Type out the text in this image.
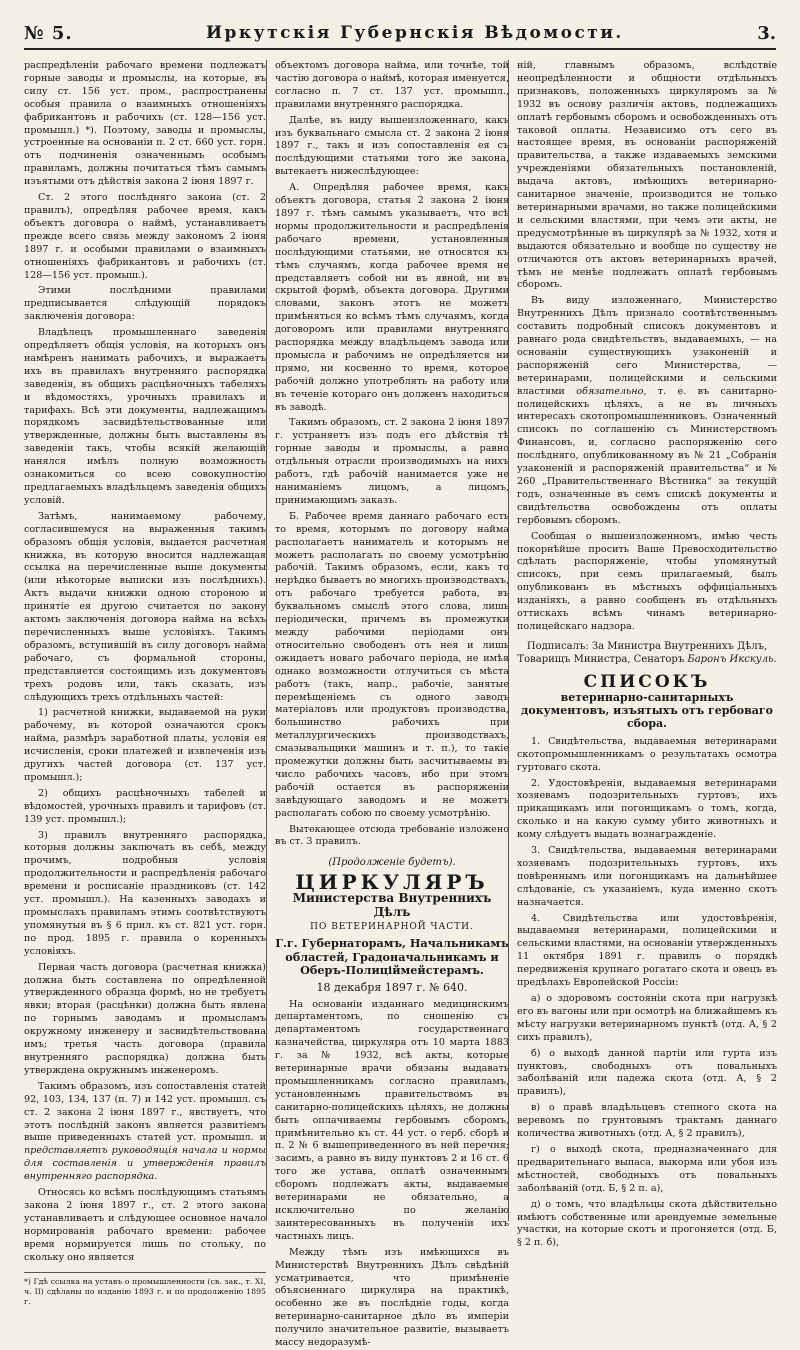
№ 5.	Иркутскія Губернскія Вѣдомости.	3.

распредѣленіи рабочаго времени подлежатъ горные заводы и промыслы, на которые, въ силу ст. 156 уст. пром., распространены особыя правила о взаимныхъ отношеніяхъ фабрикантовъ и рабочихъ (ст. 128—156 уст. промышл.) *). Поэтому, заводы и промыслы, устроенные на основаніи п. 2 ст. 660 уст. горн. отъ подчиненія означеннымъ особымъ правиламъ, должны почитаться тѣмъ самымъ изъятыми отъ дѣйствія закона 2 іюня 1897 г.

Ст. 2 этого послѣдняго закона (ст. 2 правилъ), опредѣляя рабочее время, какъ объектъ договора о наймѣ, устанавливаетъ прежде всего связь между закономъ 2 іюня 1897 г. и особыми правилами о взаимныхъ отношеніяхъ фабрикантовъ и рабочихъ (ст. 128—156 уст. промыш.).

Этими послѣдними правилами предписывается слѣдующій порядокъ заключенія договора:

Владѣлецъ промышленнаго заведенія опредѣляетъ общія условія, на которыхъ онъ намѣренъ нанимать рабочихъ, и выражаетъ ихъ въ правилахъ внутренняго распорядка заведенія, въ общихъ расцѣночныхъ табеляхъ и вѣдомостяхъ, урочныхъ правилахъ и тарифахъ. Всѣ эти документы, надлежащимъ порядкомъ засвидѣтельствованные или утвержденные, должны быть выставлены въ заведеніи такъ, чтобы всякій желающій нанялся имѣлъ полную возможность ознакомиться со всею совокупностію предлагаемыхъ владѣльцемъ заведенія общихъ условій.

Затѣмъ, нанимаемому рабочему, согласившемуся на выраженныя такимъ образомъ общія условія, выдается расчетная книжка, въ которую вносится надлежащая ссылка на перечисленные выше документы (или нѣкоторые выписки изъ послѣднихъ). Актъ выдачи книжки одною стороною и принятіе ея другою считается по закону актомъ заключенія договора найма на всѣхъ перечисленныхъ выше условіяхъ. Такимъ образомъ, вступившій въ силу договоръ найма рабочаго, съ формальной стороны, представляется состоящимъ изъ документовъ трехъ родовъ или, такъ сказать, изъ слѣдующихъ трехъ отдѣльныхъ частей:

1) расчетной книжки, выдаваемой на руки рабочему, въ которой означаются срокъ найма, размѣръ заработной платы, условія ея исчисленія, сроки платежей и извлеченія изъ другихъ частей договора (ст. 137 уст. промышл.);

2) общихъ расцѣночныхъ табелей и вѣдомостей, урочныхъ правилъ и тарифовъ (ст. 139 уст. промышл.);

3) правилъ внутренняго распорядка, которыя должны заключать въ себѣ, между прочимъ, подробныя условія продолжительности и распредѣленія рабочаго времени и росписаніе праздниковъ (ст. 142 уст. промышл.). На казенныхъ заводахъ и промыслахъ правиламъ этимъ соотвѣтствуютъ упомянутыя въ § 6 прил. къ ст. 821 уст. горн. по прод. 1895 г. правила о коренныхъ условіяхъ.

Первая часть договора (расчетная книжка) должна быть составлена по опредѣленной утвержденного образца формѣ, но не требуетъ явки; вторая (расцѣнки) должна быть явлена по горнымъ заводамъ и промысламъ окружному инженеру и засвидѣтельствована имъ; третья часть договора (правила внутренняго распорядка) должна быть утверждена окружнымъ инженеромъ.

Такимъ образомъ, изъ сопоставленія статей 92, 103, 134, 137 (п. 7) и 142 уст. промышл. съ ст. 2 закона 2 іюня 1897 г., явствуетъ, что этотъ послѣдній законъ является развитіемъ выше приведенныхъ статей уст. промышл. и представляетъ руководящія начала и нормы для составленія и утвержденія правилъ внутренняго распорядка.

Относясь ко всѣмъ послѣдующимъ статьямъ закона 2 іюня 1897 г., ст. 2 этого закона устанавливаетъ и слѣдующее основное начало нормированія рабочаго времени: рабочее время нормируется лишь по стольку, по скольку оно является

*) Гдѣ ссылка на уставъ о промышленности (св. зак., т. XI, ч. II) сдѣланы по изданію 1893 г. и по продолженію 1895 г.

объектомъ договора найма, или точнѣе, той частію договора о наймѣ, которая именуется, согласно п. 7 ст. 137 уст. промышл., правилами внутренняго распорядка.

Далѣе, въ виду вышеизложеннаго, какъ изъ буквальнаго смысла ст. 2 закона 2 іюня 1897 г., такъ и изъ сопоставленія ея съ послѣдующими статьями того же закона, вытекаетъ нижеслѣдующее:

А. Опредѣляя рабочее время, какъ объектъ договора, статья 2 закона 2 іюня 1897 г. тѣмъ самымъ указываетъ, что всѣ нормы продолжительности и распредѣленія рабочаго времени, установленныя послѣдующими статьями, не относятся къ тѣмъ случаямъ, когда рабочее время не представляетъ собой ни въ явной, ни въ скрытой формѣ, объекта договора. Другими словами, законъ этотъ не можетъ примѣняться ко всѣмъ тѣмъ случаямъ, когда договоромъ или правилами внутренняго распорядка между владѣльцемъ завода или промысла и рабочимъ не опредѣляется ни прямо, ни косвенно то время, которое рабочій должно употреблять на работу или въ теченіе котораго онъ долженъ находиться въ заводѣ.

Такимъ образомъ, ст. 2 закона 2 іюня 1897 г. устраняетъ изъ подъ его дѣйствія тѣ горные заводы и промыслы, а равно отдѣльныя отрасли производимыхъ на нихъ работъ, гдѣ рабочій нанимается уже не наниманіемъ лицомъ, а лицомъ, принимающимъ заказъ.

Б. Рабочее время даннаго рабочаго есть то время, которымъ по договору найма располагаетъ наниматель и которымъ не можетъ располагать по своему усмотрѣнію рабочій. Такимъ образомъ, если, какъ то нерѣдко бываетъ во многихъ производствахъ, отъ рабочаго требуется работа, въ буквальномъ смыслѣ этого слова, лишь періодически, причемъ въ промежутки между рабочими періодами онъ относительно свободенъ отъ нея и лишь ожидаетъ новаго рабочаго періода, не имѣя однако возможности отлучиться съ мѣста работъ (такъ, напр., рабочіе, занятые перемѣщеніемъ съ одного заводъ матеріаловъ или продуктовъ производства, большинство рабочихъ при металлургическихъ производствахъ, смазывальщики машинъ и т. п.), то такіе промежутки должны быть засчитываемы въ число рабочихъ часовъ, ибо при этомъ рабочій остается въ распоряженіи завѣдующаго заводомъ и не можетъ располагать собою по своему усмотрѣнію.

Вытекающее отсюда требованіе изложено въ ст. 3 правилъ.

(Продолженіе будетъ).
ЦИРКУЛЯРЪ
Министерства Внутреннихъ Дѣлъ
ПО ВЕТЕРИНАРНОЙ ЧАСТИ.
Г.г. Губернаторамъ, Начальникамъ областей, Градоначальникамъ и Оберъ-Полиціймейстерамъ.
18 декабря 1897 г. № 640.

На основаніи изданнаго медицинскимъ департаментомъ, по сношенію съ департаментомъ государственнаго казначейства, циркуляра отъ 10 марта 1883 г. за № 1932, всѣ акты, которые ветеринарные врачи обязаны выдавать промышленникамъ согласно правиламъ, установленнымъ правительствомъ въ санитарно-полицейскихъ цѣляхъ, не должны быть оплачиваемы гербовымъ сборомъ, примѣнительно къ ст. 44 уст. о герб. сборѣ и п. 2 № 6 вышеприведенного въ ней перечня; засимъ, а равно въ виду пунктовъ 2 и 16 ст. 6 того же устава, оплатѣ означеннымъ сборомъ подлежатъ акты, выдаваемые ветеринарами не обязательно, а исключительно по желанію заинтересованныхъ въ полученіи ихъ частныхъ лицъ.

Между тѣмъ изъ имѣющихся въ Министерствѣ Внутреннихъ Дѣлъ свѣдѣній усматривается, что примѣненіе объясненнаго циркуляра на практикѣ, особенно же въ послѣдніе годы, когда ветеринарно-санитарное дѣло въ имперіи получило значительное развитіе, вызываетъ массу недоразумѣ-

ній, главнымъ образомъ, вслѣдствіе неопредѣленности и общности отдѣльныхъ признаковъ, положенныхъ циркуляромъ за № 1932 въ основу различія актовъ, подлежащихъ оплатѣ гербовымъ сборомъ и освобожденныхъ отъ таковой оплаты. Независимо отъ сего въ настоящее время, въ основаніи распоряженій правительства, а также издаваемыхъ земскими учрежденіями обязательныхъ постановленій, выдача актовъ, имѣющихъ ветеринарно-санитарное значеніе, производится не только ветеринарными врачами, но также полицейскими и сельскими властями, при чемъ эти акты, не предусмотрѣнные въ циркулярѣ за № 1932, хотя и выдаются обязательно и вообще по существу не отличаются отъ актовъ ветеринарныхъ врачей, тѣмъ не менѣе подлежатъ оплатѣ гербовымъ сборомъ.

Въ виду изложеннаго, Министерство Внутреннихъ Дѣлъ признало соотвѣтственнымъ составить подробный списокъ документовъ и равнаго рода свидѣтельствъ, выдаваемыхъ, — на основаніи существующихъ узаконеній и распоряженій сего Министерства, — ветеринарами, полицейскими и сельскими властями обязательно, т. е. въ санитарно-полицейскихъ цѣляхъ, а не въ личныхъ интересахъ скотопромышленниковъ. Означенный списокъ по соглашенію съ Министерствомъ Финансовъ, и, согласно распоряженію сего послѣдняго, опубликованному въ № 21 „Собранія узаконеній и распоряженій правительства“ и № 260 „Правительственнаго Вѣстника“ за текущій годъ, означенные въ семъ спискѣ документы и свидѣтельства освобождены отъ оплаты гербовымъ сборомъ.

Сообщая о вышеизложенномъ, имѣю честь покорнѣйше просить Ваше Превосходительство сдѣлать распоряженіе, чтобы упомянутый списокъ, при семъ прилагаемый, былъ опубликованъ въ мѣстныхъ оффиціальныхъ изданіяхъ, а равно сообщенъ въ отдѣльныхъ оттискахъ всѣмъ чинамъ ветеринарно-полицейскаго надзора.

Подписалъ: За Министра Внутреннихъ Дѣлъ,
Товарищъ Министра, Сенаторъ Баронъ Икскуль.
СПИСОКЪ
ветеринарно-санитарныхъ документовъ, изъятыхъ отъ гербоваго сбора.

1. Свидѣтельства, выдаваемыя ветеринарами скотопромышленникамъ о результатахъ осмотра гуртоваго скота.

2. Удостовѣренія, выдаваемыя ветеринарами хозяевамъ подозрительныхъ гуртовъ, ихъ прикащикамъ или погонщикамъ о томъ, когда, сколько и на какую сумму убито животныхъ и кому слѣдуетъ выдать вознагражденіе.

3. Свидѣтельства, выдаваемыя ветеринарами хозяевамъ подозрительныхъ гуртовъ, ихъ повѣреннымъ или погонщикамъ на дальнѣйшее слѣдованіе, съ указаніемъ, куда именно скотъ назначается.

4. Свидѣтельства или удостовѣренія, выдаваемыя ветеринарами, полицейскими и сельскими властями, на основаніи утвержденныхъ 11 октября 1891 г. правилъ о порядкѣ передвиженія крупнаго рогатаго скота и овецъ въ предѣлахъ Европейской Россіи:

а) о здоровомъ состояніи скота при нагрузкѣ его въ вагоны или при осмотрѣ на ближайшемъ къ мѣсту нагрузки ветеринарномъ пунктѣ (отд. А, § 2 сихъ правилъ),

б) о выходѣ данной партіи или гурта изъ пунктовъ, свободныхъ отъ повальныхъ заболѣваній или падежа скота (отд. А, § 2 правилъ),

в) о правѣ владѣльцевъ степного скота на веревомъ по грунтовымъ трактамъ даннаго количества животныхъ (отд. А, § 2 правилъ),

г) о выходѣ скота, предназначеннаго для предварительнаго выпаса, выкорма или убоя изъ мѣстностей, свободныхъ отъ повальныхъ заболѣваній (отд. Б, § 2 п. а),

д) о томъ, что владѣльцы скота дѣйствительно имѣютъ собственные или арендуемые земельные участки, на которые скотъ и прогоняется (отд. Б, § 2 п. б),
